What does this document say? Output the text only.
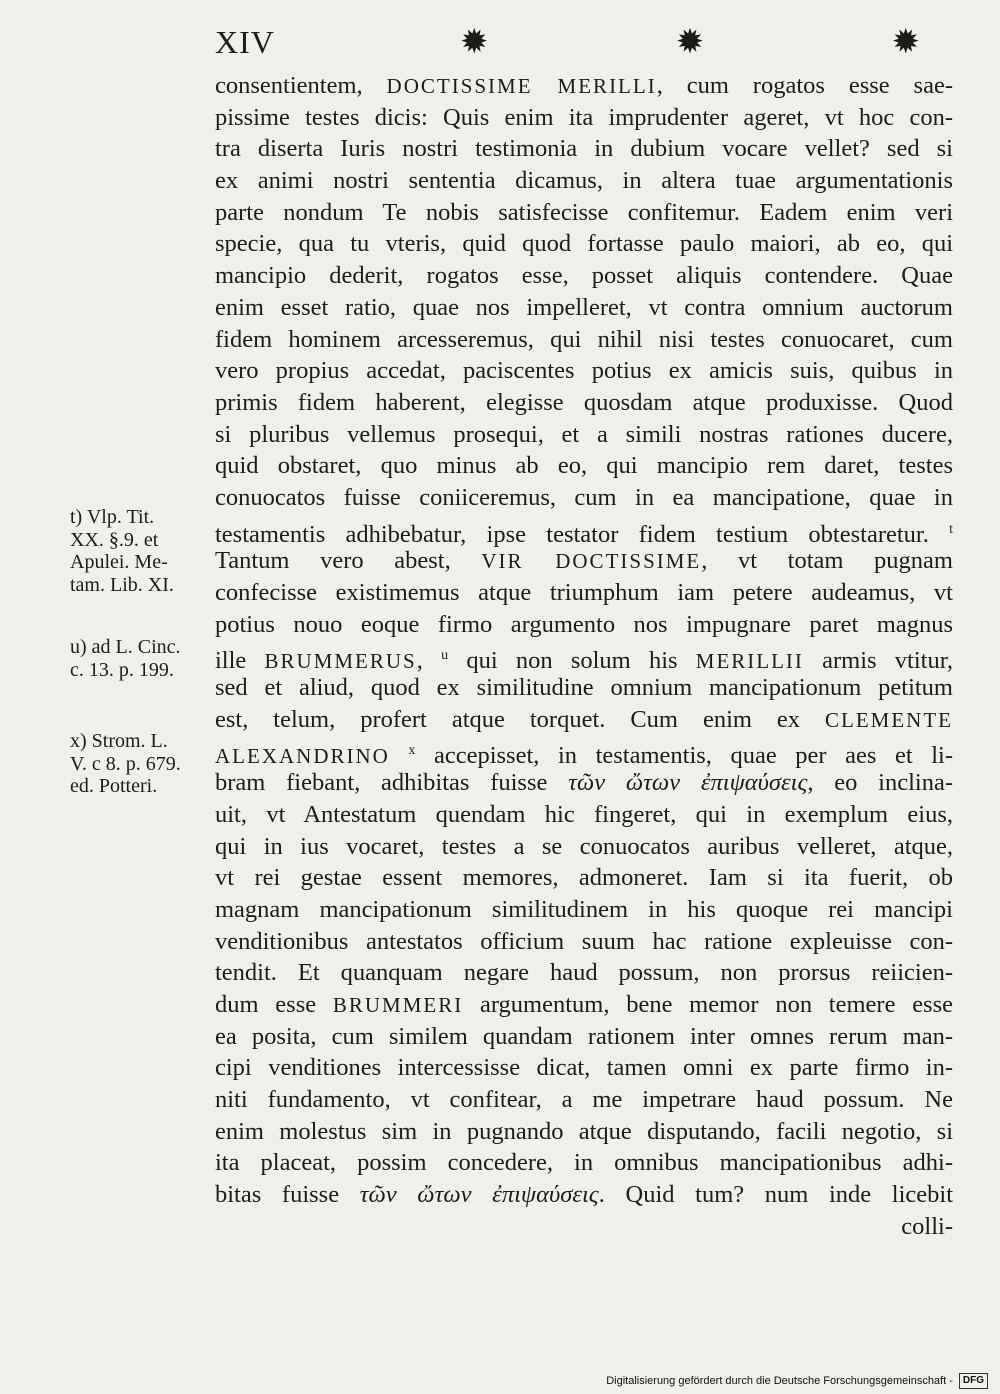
XIV	✹	✹	✹
t) Vlp. Tit.
XX. §.9. et
Apulei. Me-
tam. Lib. XI.
u) ad L. Cinc.
c. 13. p. 199.
x) Strom. L.
V. c 8. p. 679.
ed. Potteri.
consentientem, DOCTISSIME MERILLI, cum rogatos esse sae-
pissime testes dicis: Quis enim ita imprudenter ageret, vt hoc con-
tra diserta Iuris nostri testimonia in dubium vocare vellet? sed si
ex animi nostri sententia dicamus, in altera tuae argumentationis
parte nondum Te nobis satisfecisse confitemur. Eadem enim veri
specie, qua tu vteris, quid quod fortasse paulo maiori, ab eo, qui
mancipio dederit, rogatos esse, posset aliquis contendere. Quae
enim esset ratio, quae nos impelleret, vt contra omnium auctorum
fidem hominem arcesseremus, qui nihil nisi testes conuocaret, cum
vero propius accedat, paciscentes potius ex amicis suis, quibus in
primis fidem haberent, elegisse quosdam atque produxisse. Quod
si pluribus vellemus prosequi, et a simili nostras rationes ducere,
quid obstaret, quo minus ab eo, qui mancipio rem daret, testes
conuocatos fuisse coniiceremus, cum in ea mancipatione, quae in
testamentis adhibebatur, ipse testator fidem testium obtestaretur. $^t$
Tantum vero abest, VIR DOCTISSIME, vt totam pugnam
confecisse existimemus atque triumphum iam petere audeamus, vt
potius nouo eoque firmo argumento nos impugnare paret magnus
ille BRUMMERUS, $^u$ qui non solum his MERILLII armis vtitur,
sed et aliud, quod ex similitudine omnium mancipationum petitum
est, telum, profert atque torquet. Cum enim ex CLEMENTE
ALEXANDRINO $^x$ accepisset, in testamentis, quae per aes et li-
bram fiebant, adhibitas fuisse τῶν ὤτων ἐπιψαύσεις, eo inclina-
uit, vt Antestatum quendam hic fingeret, qui in exemplum eius,
qui in ius vocaret, testes a se conuocatos auribus velleret, atque,
vt rei gestae essent memores, admoneret. Iam si ita fuerit, ob
magnam mancipationum similitudinem in his quoque rei mancipi
venditionibus antestatos officium suum hac ratione expleuisse con-
tendit. Et quanquam negare haud possum, non prorsus reiicien-
dum esse BRUMMERI argumentum, bene memor non temere esse
ea posita, cum similem quandam rationem inter omnes rerum man-
cipi venditiones intercessisse dicat, tamen omni ex parte firmo in-
niti fundamento, vt confitear, a me impetrare haud possum. Ne
enim molestus sim in pugnando atque disputando, facili negotio, si
ita placeat, possim concedere, in omnibus mancipationibus adhi-
bitas fuisse τῶν ὤτων ἐπιψαύσεις. Quid tum? num inde licebit
colli-
Digitalisierung gefördert durch die Deutsche Forschungsgemeinschaft -	DFG
